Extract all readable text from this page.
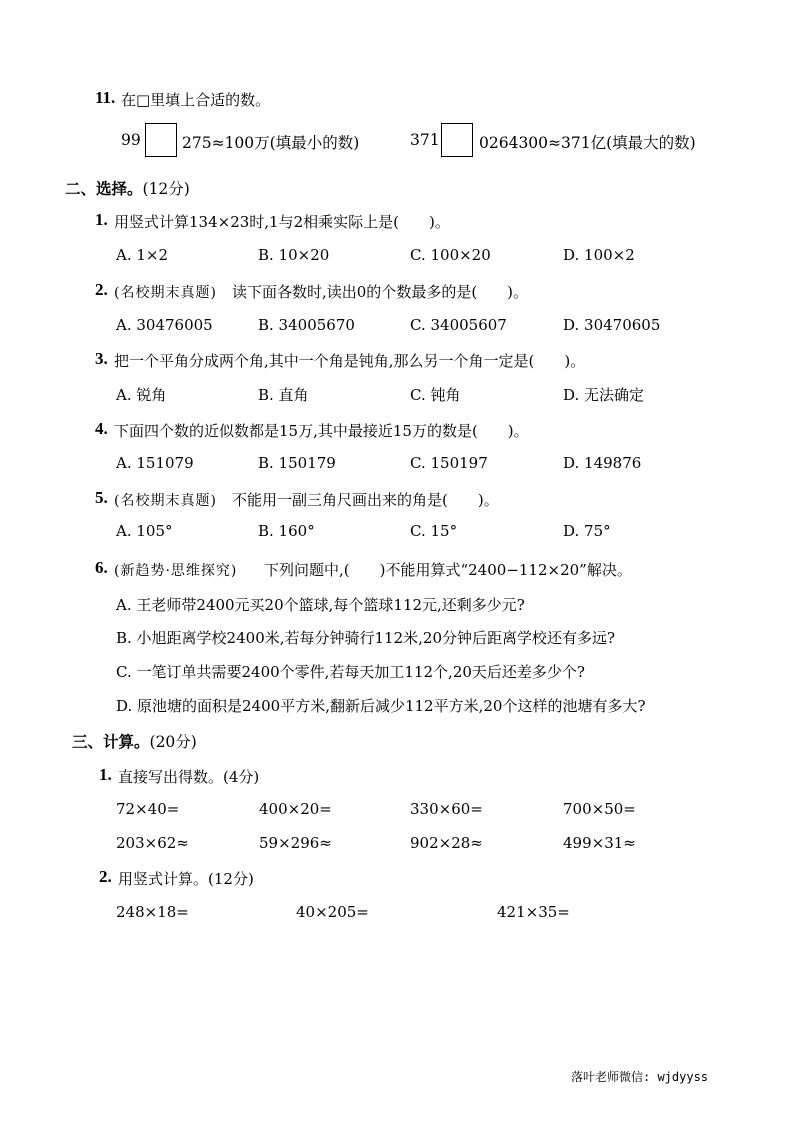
11. 在□里填上合适的数。
99	275≈100万(填最小的数)	371	0264300≈371亿(填最大的数)
二、选择。(12分)
1. 用竖式计算134×23时,1与2相乘实际上是(　　)。
A. 1×2	B. 10×20	C. 100×20	D. 100×2
2. (名校期末真题) 读下面各数时,读出0的个数最多的是(　　)。
A. 30476005	B. 34005670	C. 34005607	D. 30470605
3. 把一个平角分成两个角,其中一个角是钝角,那么另一个角一定是(　　)。
A. 锐角	B. 直角	C. 钝角	D. 无法确定
4. 下面四个数的近似数都是15万,其中最接近15万的数是(　　)。
A. 151079	B. 150179	C. 150197	D. 149876
5. (名校期末真题) 不能用一副三角尺画出来的角是(　　)。
A. 105°	B. 160°	C. 15°	D. 75°
6. (新趋势·思维探究) 下列问题中,(　　)不能用算式“2400−112×20”解决。
A. 王老师带2400元买20个篮球,每个篮球112元,还剩多少元?
B. 小旭距离学校2400米,若每分钟骑行112米,20分钟后距离学校还有多远?
C. 一笔订单共需要2400个零件,若每天加工112个,20天后还差多少个?
D. 原池塘的面积是2400平方米,翻新后减少112平方米,20个这样的池塘有多大?
三、计算。(20分)
1. 直接写出得数。(4分)
72×40=	400×20=	330×60=	700×50=
203×62≈	59×296≈	902×28≈	499×31≈
2. 用竖式计算。(12分)
248×18=	40×205=	421×35=
落叶老师微信: wjdyyss
